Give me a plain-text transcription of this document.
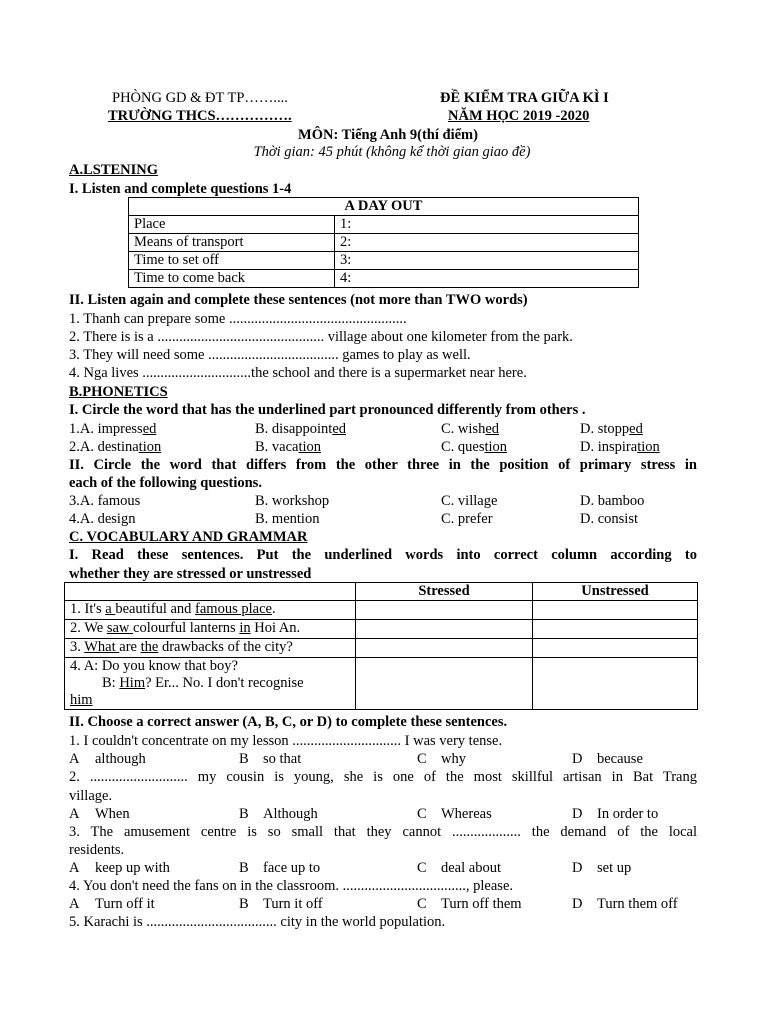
PHÒNG GD & ĐT TP……....
TRƯỜNG THCS…………….
ĐỀ KIỂM TRA GIỮA KÌ I
NĂM HỌC 2019 -2020
MÔN: Tiếng Anh 9(thí điểm)
Thời gian: 45 phút (không kể thời gian giao đề)
A.LSTENING
I. Listen and complete questions 1-4
A DAY OUT	
Place	1:
Means of transport	2:
Time to set off	3:
Time to come back	4:
II. Listen again and complete these sentences (not more than TWO words)
1. Thanh can prepare some .................................................
2. There is is a .............................................. village about one kilometer from the park.
3. They will need some .................................... games to play as well.
4. Nga lives ..............................the school and there is a supermarket near here.
B.PHONETICS
I. Circle the word that has the underlined part pronounced differently from others .
1.A. impressed	B. disappointed	C. wished	D. stopped
2.A. destination	B. vacation	C. question	D. inspiration
II. Circle the word that differs from the other three in the position of primary stress in
each of the following questions.
3.A. famous	B. workshop	C. village	D. bamboo
4.A. design	B. mention	C. prefer	D. consist
C. VOCABULARY AND GRAMMAR
I. Read these sentences. Put the underlined words into correct column according to
whether they are stressed or unstressed
	Stressed	Unstressed
1. It's a beautiful and famous place.		
2. We saw colourful lanterns in Hoi An.		
3. What are the drawbacks of the city?		

4. A: Do you know that boy?
B: Him? Er... No. I don't recognise
him		

II. Choose a correct answer (A, B, C, or D) to complete these sentences.
1. I couldn't concentrate on my lesson .............................. I was very tense.
A although	B so that	C why	D because
2. ........................... my cousin is young, she is one of the most skillful artisan in Bat Trang
village.
A When	B Although	C Whereas	D In order to
3. The amusement centre is so small that they cannot ................... the demand of the local
residents.
A keep up with	B face up to	C deal about	D set up
4. You don't need the fans on in the classroom. .................................., please.
A Turn off it	B Turn it off	C Turn off them	D Turn them off
5. Karachi is .................................... city in the world population.
